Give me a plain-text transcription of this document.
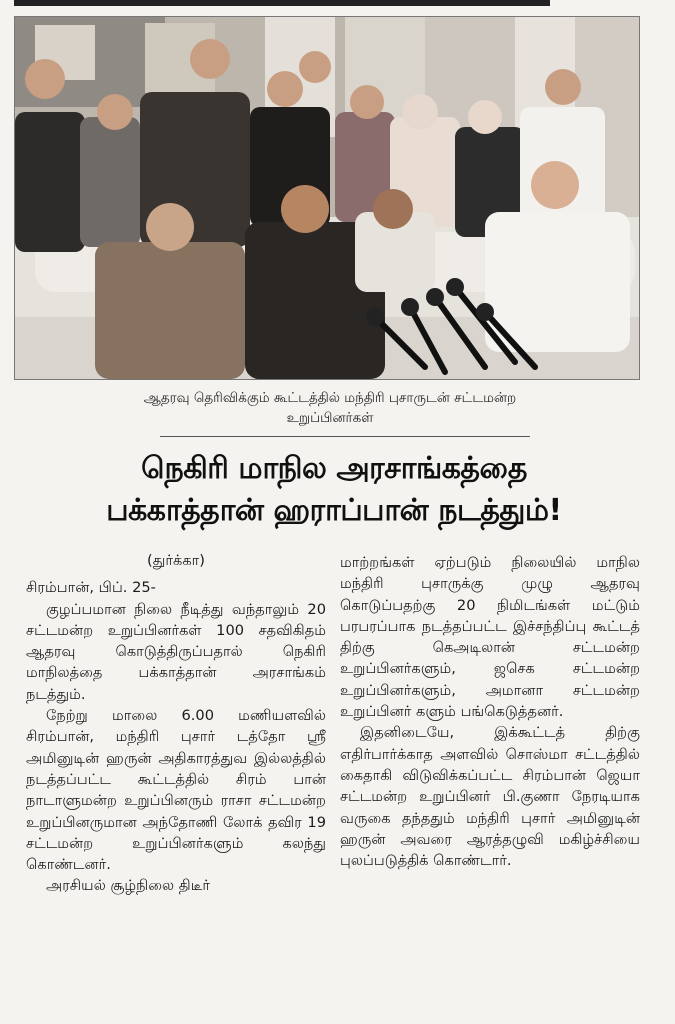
ஆதரவு தெரிவிக்கும் கூட்டத்தில் மந்திரி புசாருடன் சட்டமன்ற
உறுப்பினர்கள்
நெகிரி மாநில அரசாங்கத்தை
பக்காத்தான் ஹராப்பான் நடத்தும்!

(துர்க்கா)

சிரம்பான், பிப். 25-

குழப்பமான நிலை நீடித்து வந்தாலும் 20 சட்டமன்ற உறுப்பினர்கள் 100 சதவிகிதம் ஆதரவு கொடுத்திருப்பதால் நெகிரி மாநிலத்தை பக்காத்தான் அரசாங்கம் நடத்தும்.

நேற்று மாலை 6.00 மணியளவில் சிரம்பான், மந்திரி புசார் டத்தோ ஸ்ரீ அமினுடின் ஹருன் அதிகாரத்துவ இல்லத்தில் நடத்தப்பட்ட கூட்டத்தில் சிரம் பான் நாடாளுமன்ற உறுப்பினரும் ராசா சட்டமன்ற உறுப்பினருமான அந்தோணி லோக் தவிர 19 சட்டமன்ற உறுப்பினர்களும் கலந்து கொண்டனர்.

அரசியல் சூழ்நிலை திடீர்

மாற்றங்கள் ஏற்படும் நிலையில் மாநில மந்திரி புசாருக்கு முழு ஆதரவு கொடுப்பதற்கு 20 நிமிடங்கள் மட்டும் பரபரப்பாக நடத்தப்பட்ட இச்சந்திப்பு கூட்டத் திற்கு கெஅடிலான் சட்டமன்ற உறுப்பினர்களும், ஜசெக சட்டமன்ற உறுப்பினர்களும், அமானா சட்டமன்ற உறுப்பினர் களும் பங்கெடுத்தனர்.

இதனிடையே, இக்கூட்டத் திற்கு எதிர்பார்க்காத அளவில் சொஸ்மா சட்டத்தில் கைதாகி விடுவிக்கப்பட்ட சிரம்பான் ஜெயா சட்டமன்ற உறுப்பினர் பி.குணா நேரடியாக வருகை தந்ததும் மந்திரி புசார் அமினுடின் ஹருன் அவரை ஆரத்தழுவி மகிழ்ச்சியை புலப்படுத்திக் கொண்டார்.
